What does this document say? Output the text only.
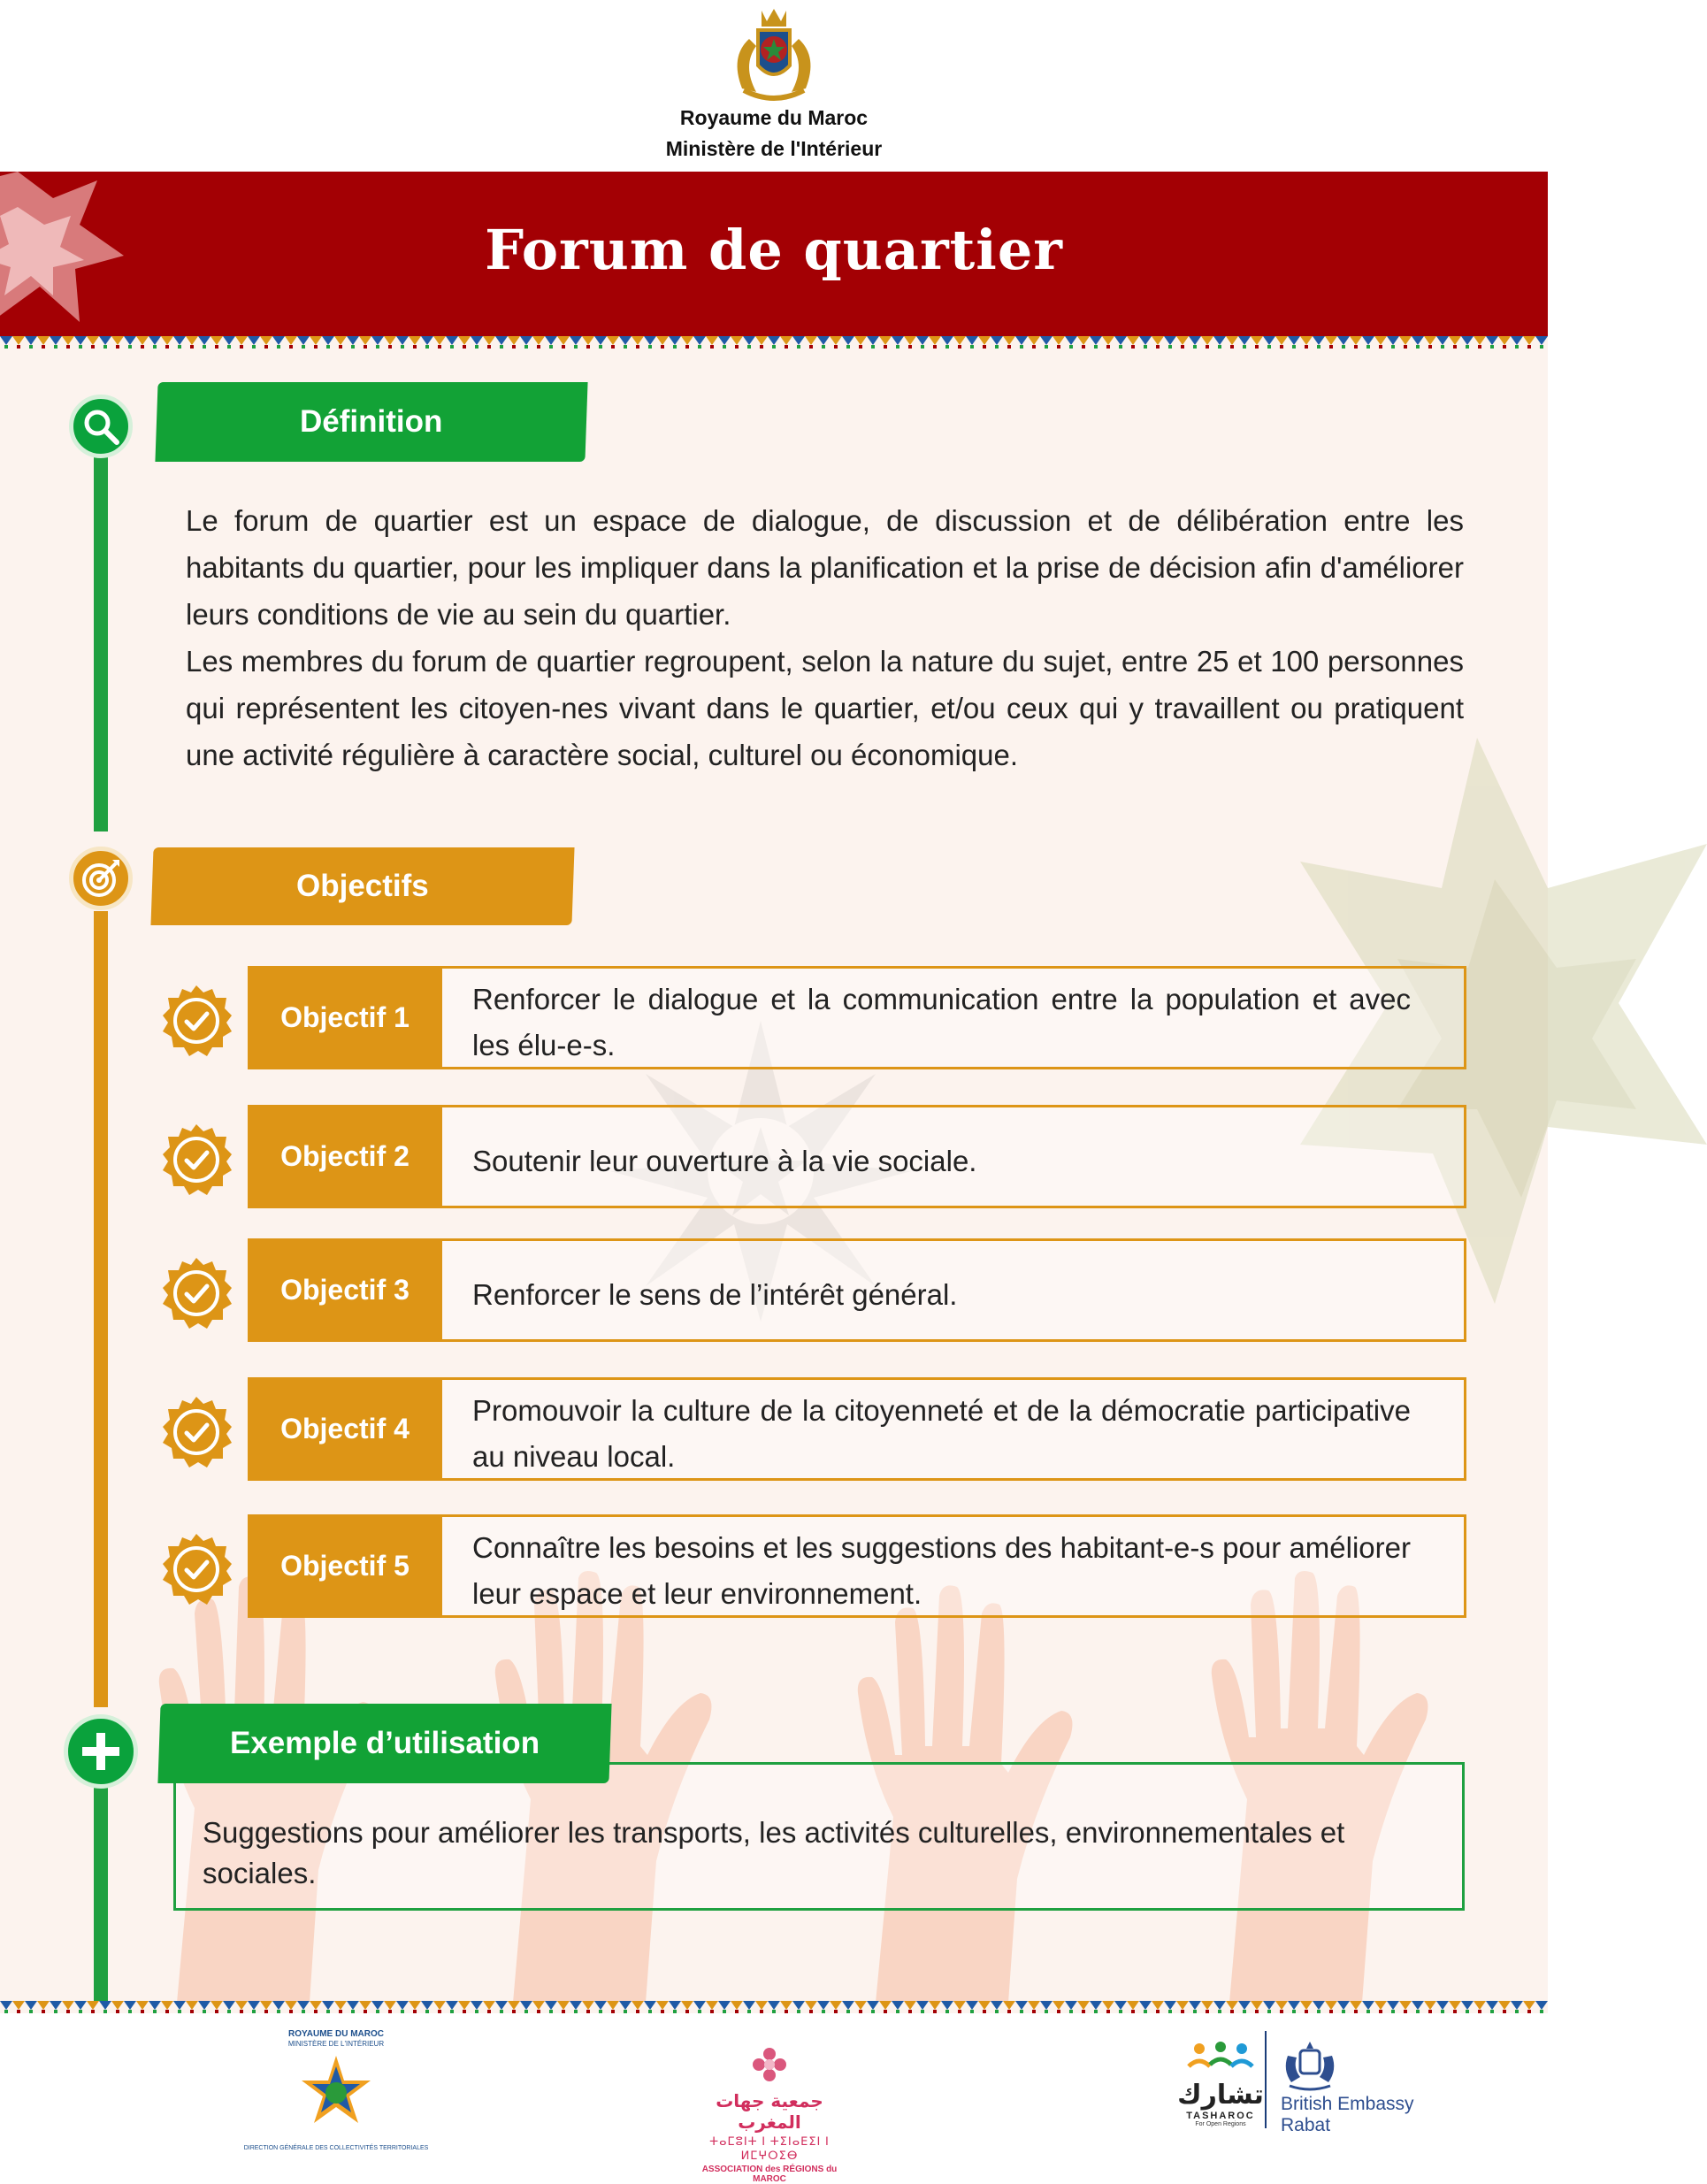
Royaume du Maroc
Ministère de l'Intérieur
Forum de quartier
Définition

Le forum de quartier est un espace de dialogue, de discussion et de délibération entre les habitants du quartier, pour les impliquer dans la planification et la prise de décision afin d'améliorer leurs conditions de vie au sein du quartier.

Les membres du forum de quartier regroupent, selon la nature du sujet, entre 25 et 100 personnes qui représentent les citoyen-nes vivant dans le quartier, et/ou ceux qui y travaillent ou pratiquent une activité régulière à caractère social, culturel ou économique.

Objectifs
Objectif 1
Renforcer le dialogue et la communication entre la population et avec les élu-e-s.
Objectif 2	Soutenir leur ouverture à la vie sociale.
Objectif 3	Renforcer le sens de l’intérêt général.
Objectif 4
Promouvoir la culture de la citoyenneté et de la démocratie participative au niveau local.
Objectif 5
Connaître les besoins et les suggestions des habitant-e-s pour améliorer leur espace et leur environnement.
Suggestions pour améliorer les transports, les activités culturelles, environnementales et sociales.
Exemple d’utilisation
ROYAUME DU MAROC
MINISTÈRE DE L'INTÉRIEUR
DIRECTION GÉNÉRALE DES COLLECTIVITÉS TERRITORIALES
جمعية جهات المغرب
ⵜⴰⵎⵓⵏⵜ ⵏ ⵜⵉⵏⴰⴹⵉⵏ ⵏ ⵍⵎⵖⵔⵉⴱ
ASSOCIATION des RÉGIONS du MAROC
تشارك
TASHAROC
For Open Regions
British Embassy
Rabat
